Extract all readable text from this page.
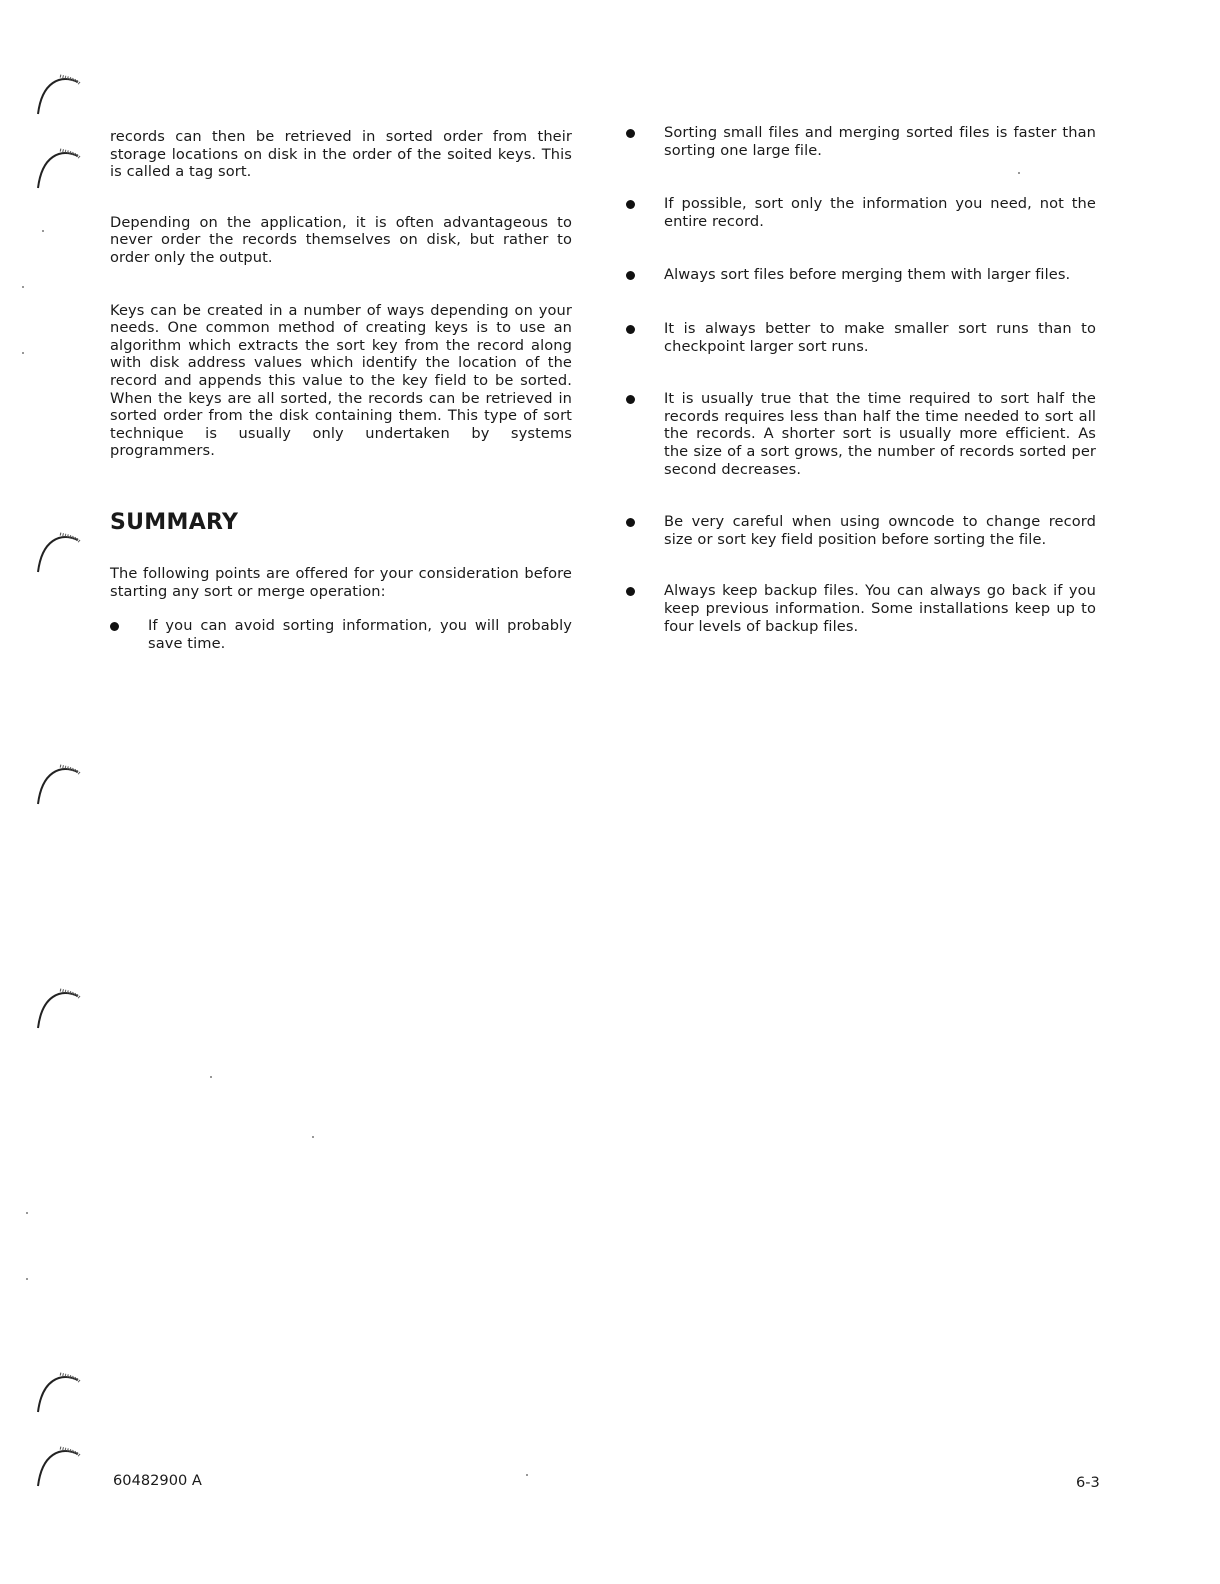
records can then be retrieved in sorted order from their storage locations on disk in the order of the soited keys. This is called a tag sort.

Depending on the application, it is often advantageous to never order the records themselves on disk, but rather to order only the output.

Keys can be created in a number of ways depending on your needs. One common method of creating keys is to use an algorithm which extracts the sort key from the record along with disk address values which identify the location of the record and appends this value to the key field to be sorted. When the keys are all sorted, the records can be retrieved in sorted order from the disk containing them. This type of sort technique is usually only undertaken by systems programmers.

SUMMARY

The following points are offered for your consideration before starting any sort or merge operation:

If you can avoid sorting information, you will probably save time.

Sorting small files and merging sorted files is faster than sorting one large file.

If possible, sort only the information you need, not the entire record.

Always sort files before merging them with larger files.

It is always better to make smaller sort runs than to checkpoint larger sort runs.

It is usually true that the time required to sort half the records requires less than half the time needed to sort all the records. A shorter sort is usually more efficient. As the size of a sort grows, the number of records sorted per second decreases.

Be very careful when using owncode to change record size or sort key field position before sorting the file.

Always keep backup files. You can always go back if you keep previous information. Some installations keep up to four levels of backup files.

60482900 A	6-3
